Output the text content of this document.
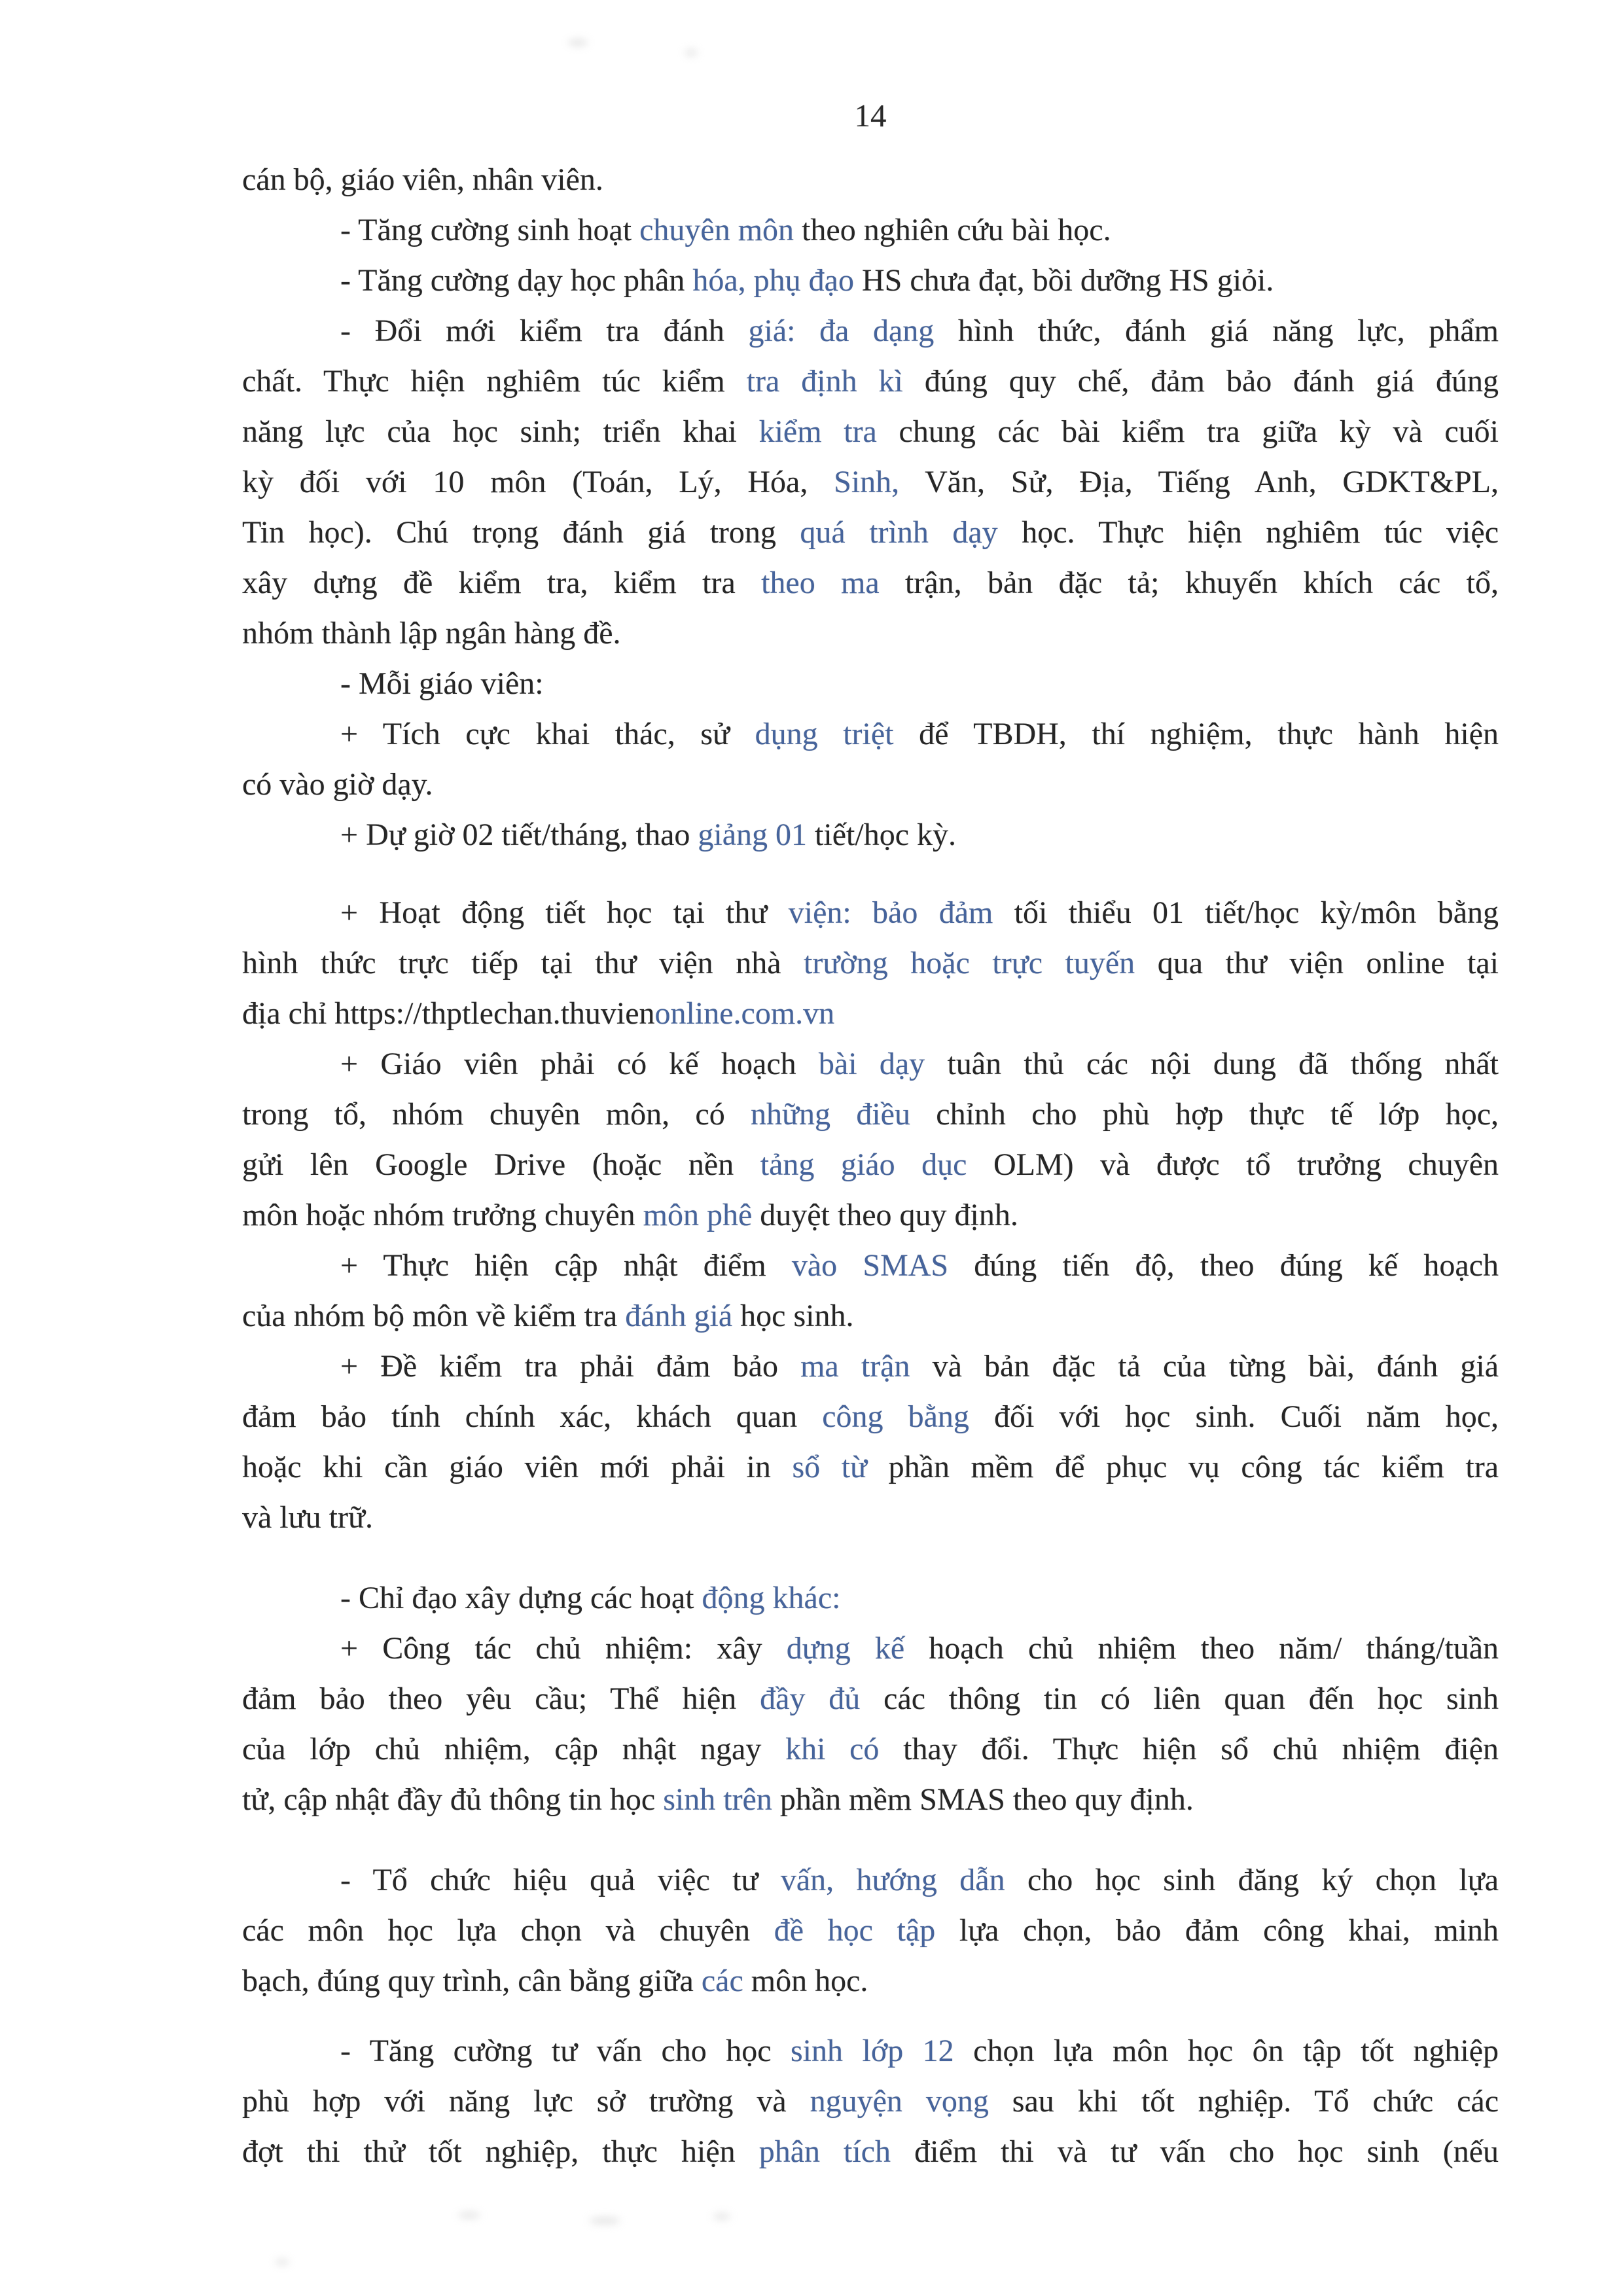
14
cán bộ, giáo viên, nhân viên.
- Tăng cường sinh hoạt chuyên môn theo nghiên cứu bài học.
- Tăng cường dạy học phân hóa, phụ đạo HS chưa đạt, bồi dưỡng HS giỏi.
- Đổi mới kiểm tra đánh giá: đa dạng hình thức, đánh giá năng lực, phẩm
chất. Thực hiện nghiêm túc kiểm tra định kì đúng quy chế, đảm bảo đánh giá đúng
năng lực của học sinh; triển khai kiểm tra chung các bài kiểm tra giữa kỳ và cuối
kỳ đối với 10 môn (Toán, Lý, Hóa, Sinh, Văn, Sử, Địa, Tiếng Anh, GDKT&PL,
Tin học). Chú trọng đánh giá trong quá trình dạy học. Thực hiện nghiêm túc việc
xây dựng đề kiểm tra, kiểm tra theo ma trận, bản đặc tả; khuyến khích các tổ,
nhóm thành lập ngân hàng đề.
- Mỗi giáo viên:
+ Tích cực khai thác, sử dụng triệt để TBDH, thí nghiệm, thực hành hiện
có vào giờ dạy.
+ Dự giờ 02 tiết/tháng, thao giảng 01 tiết/học kỳ.
+ Hoạt động tiết học tại thư viện: bảo đảm tối thiểu 01 tiết/học kỳ/môn bằng
hình thức trực tiếp tại thư viện nhà trường hoặc trực tuyến qua thư viện online tại
địa chỉ https://thptlechan.thuvienonline.com.vn
+ Giáo viên phải có kế hoạch bài dạy tuân thủ các nội dung đã thống nhất
trong tổ, nhóm chuyên môn, có những điều chỉnh cho phù hợp thực tế lớp học,
gửi lên Google Drive (hoặc nền tảng giáo dục OLM) và được tổ trưởng chuyên
môn hoặc nhóm trưởng chuyên môn phê duyệt theo quy định.
+ Thực hiện cập nhật điểm vào SMAS đúng tiến độ, theo đúng kế hoạch
của nhóm bộ môn về kiểm tra đánh giá học sinh.
+ Đề kiểm tra phải đảm bảo ma trận và bản đặc tả của từng bài, đánh giá
đảm bảo tính chính xác, khách quan công bằng đối với học sinh. Cuối năm học,
hoặc khi cần giáo viên mới phải in sổ từ phần mềm để phục vụ công tác kiểm tra
và lưu trữ.
- Chỉ đạo xây dựng các hoạt động khác:
+ Công tác chủ nhiệm: xây dựng kế hoạch chủ nhiệm theo năm/ tháng/tuần
đảm bảo theo yêu cầu; Thể hiện đầy đủ các thông tin có liên quan đến học sinh
của lớp chủ nhiệm, cập nhật ngay khi có thay đổi. Thực hiện sổ chủ nhiệm điện
tử, cập nhật đầy đủ thông tin học sinh trên phần mềm SMAS theo quy định.
- Tổ chức hiệu quả việc tư vấn, hướng dẫn cho học sinh đăng ký chọn lựa
các môn học lựa chọn và chuyên đề học tập lựa chọn, bảo đảm công khai, minh
bạch, đúng quy trình, cân bằng giữa các môn học.
- Tăng cường tư vấn cho học sinh lớp 12 chọn lựa môn học ôn tập tốt nghiệp
phù hợp với năng lực sở trường và nguyện vọng sau khi tốt nghiệp. Tổ chức các
đợt thi thử tốt nghiệp, thực hiện phân tích điểm thi và tư vấn cho học sinh (nếu
